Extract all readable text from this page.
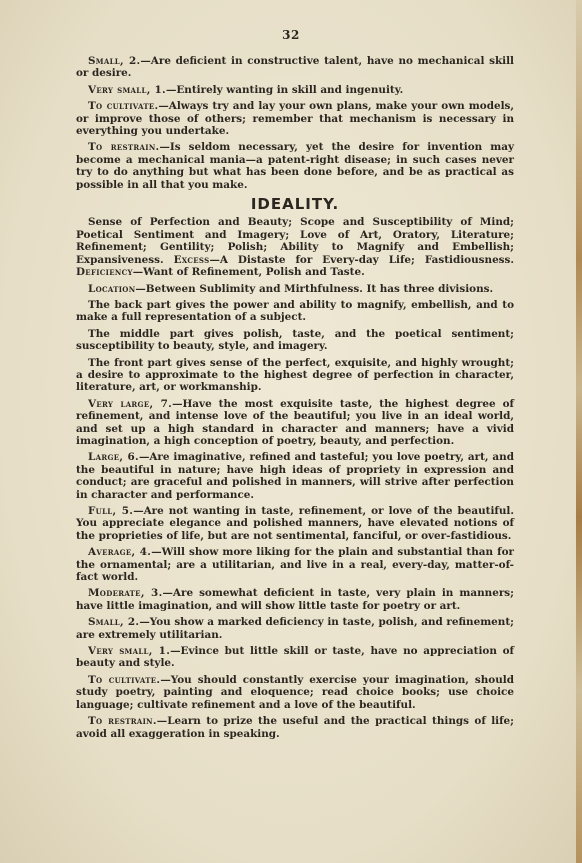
32

Small, 2.—Are deficient in constructive talent, have no mechanical skill or desire.

Very small, 1.—Entirely wanting in skill and ingenuity.

To cultivate.—Always try and lay your own plans, make your own models, or improve those of others; remember that mechanism is necessary in everything you undertake.

To restrain.—Is seldom necessary, yet the desire for invention may become a mechanical mania—a patent-right disease; in such cases never try to do anything but what has been done before, and be as practical as possible in all that you make.

IDEALITY.

Sense of Perfection and Beauty; Scope and Susceptibility of Mind; Poetical Sentiment and Imagery; Love of Art, Oratory, Literature; Refinement; Gentility; Polish; Ability to Magnify and Embellish; Expansiveness. Excess—A Distaste for Every-day Life; Fastidiousness. Deficiency—Want of Refinement, Polish and Taste.

Location—Between Sublimity and Mirthfulness. It has three divisions.

The back part gives the power and ability to magnify, embellish, and to make a full representation of a subject.

The middle part gives polish, taste, and the poetical sentiment; susceptibility to beauty, style, and imagery.

The front part gives sense of the perfect, exquisite, and highly wrought; a desire to approximate to the highest degree of perfection in character, literature, art, or workmanship.

Very large, 7.—Have the most exquisite taste, the highest degree of refinement, and intense love of the beautiful; you live in an ideal world, and set up a high standard in character and manners; have a vivid imagination, a high conception of poetry, beauty, and perfection.

Large, 6.—Are imaginative, refined and tasteful; you love poetry, art, and the beautiful in nature; have high ideas of propriety in expression and conduct; are graceful and polished in manners, will strive after perfection in character and performance.

Full, 5.—Are not wanting in taste, refinement, or love of the beautiful. You appreciate elegance and polished manners, have elevated notions of the proprieties of life, but are not sentimental, fanciful, or over-fastidious.

Average, 4.—Will show more liking for the plain and substantial than for the ornamental; are a utilitarian, and live in a real, every-day, matter-of-fact world.

Moderate, 3.—Are somewhat deficient in taste, very plain in manners; have little imagination, and will show little taste for poetry or art.

Small, 2.—You show a marked deficiency in taste, polish, and refinement; are extremely utilitarian.

Very small, 1.—Evince but little skill or taste, have no appreciation of beauty and style.

To cultivate.—You should constantly exercise your imagination, should study poetry, painting and eloquence; read choice books; use choice language; cultivate refinement and a love of the beautiful.

To restrain.—Learn to prize the useful and the practical things of life; avoid all exaggeration in speaking.
